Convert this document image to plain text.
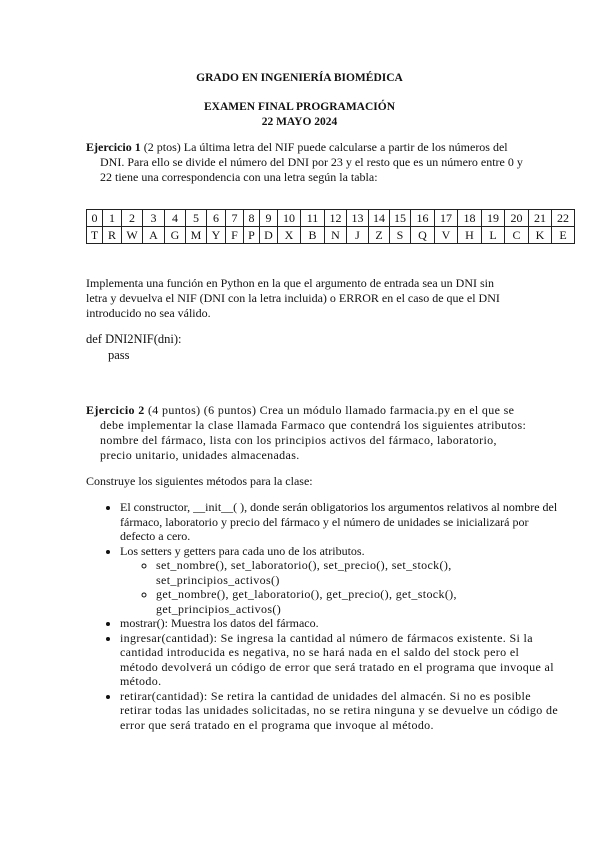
GRADO EN INGENIERÍA BIOMÉDICA
EXAMEN FINAL PROGRAMACIÓN
22 MAYO 2024

Ejercicio 1 (2 ptos) La última letra del NIF puede calcularse a partir de los números del DNI. Para ello se divide el número del DNI por 23 y el resto que es un número entre 0 y 22 tiene una correspondencia con una letra según la tabla:

0	1	2	3	4	5	6	7	8	9	10	11	12	13	14	15	16	17	18	19	20	21	22
T	R	W	A	G	M	Y	F	P	D	X	B	N	J	Z	S	Q	V	H	L	C	K	E

Implementa una función en Python en la que el argumento de entrada sea un DNI sin letra y devuelva el NIF (DNI con la letra incluida) o ERROR en el caso de que el DNI introducido no sea válido.

def DNI2NIF(dni):
pass

Ejercicio 2 (4 puntos) (6 puntos) Crea un módulo llamado farmacia.py en el que se debe implementar la clase llamada Farmaco que contendrá los siguientes atributos: nombre del fármaco, lista con los principios activos del fármaco, laboratorio, precio unitario, unidades almacenadas.

Construye los siguientes métodos para la clase:

• El constructor, __init__( ), donde serán obligatorios los argumentos relativos al nombre del fármaco, laboratorio y precio del fármaco y el número de unidades se inicializará por defecto a cero.
• Los setters y getters para cada uno de los atributos.
◦ set_nombre(), set_laboratorio(), set_precio(), set_stock(), set_principios_activos()
◦ get_nombre(), get_laboratorio(), get_precio(), get_stock(), get_principios_activos()
• mostrar(): Muestra los datos del fármaco.
• ingresar(cantidad): Se ingresa la cantidad al número de fármacos existente. Si la cantidad introducida es negativa, no se hará nada en el saldo del stock pero el método devolverá un código de error que será tratado en el programa que invoque al método.
• retirar(cantidad): Se retira la cantidad de unidades del almacén. Si no es posible retirar todas las unidades solicitadas, no se retira ninguna y se devuelve un código de error que será tratado en el programa que invoque al método.
